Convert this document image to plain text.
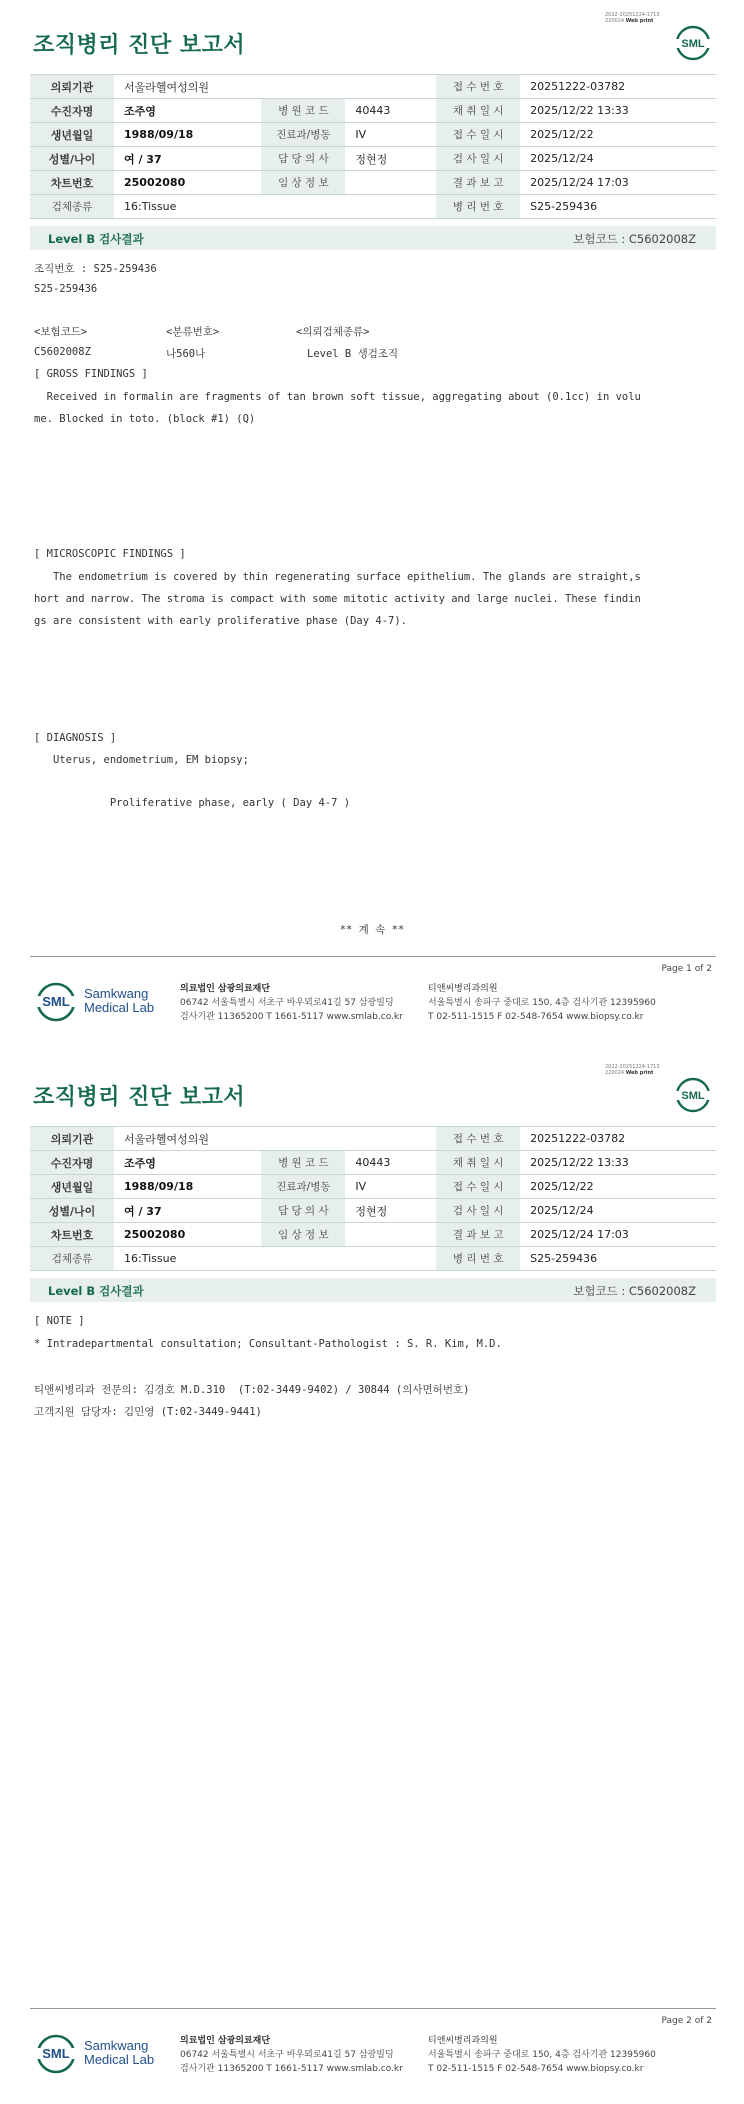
2022-20251224-1713
220024 Web print
조직병리 진단 보고서	SML
의뢰기관	서울라헬여성의원			접 수 번 호	20251222-03782
수진자명	조주영	병 원 코 드	40443	채 취 일 시	2025/12/22 13:33
생년월일	1988/09/18	진료과/병동	IV	접 수 일 시	2025/12/22
성별/나이	여 / 37	담 당 의 사	정현정	검 사 일 시	2025/12/24
차트번호	25002080	임 상 정 보		결 과 보 고	2025/12/24 17:03
검체종류	16:Tissue			병 리 번 호	S25-259436
Level B 검사결과	보험코드 : C5602008Z
조직번호 : S25-259436
S25-259436
<보험코드>	<분류번호>	<의뢰검체종류>
C5602008Z	나560나	Level B 생검조직
[ GROSS FINDINGS ]
Received in formalin are fragments of tan brown soft tissue, aggregating about (0.1cc) in volu
me. Blocked in toto. (block #1) (Q)
[ MICROSCOPIC FINDINGS ]
The endometrium is covered by thin regenerating surface epithelium. The glands are straight,s
hort and narrow. The stroma is compact with some mitotic activity and large nuclei. These findin
gs are consistent with early proliferative phase (Day 4-7).
[ DIAGNOSIS ]
Uterus, endometrium, EM biopsy;
Proliferative phase, early ( Day 4-7 )
** 계 속 **
Page 1 of 2
SML
Samkwang
Medical Lab
의료법인 삼광의료재단
06742 서울특별시 서초구 바우뫼로41길 57 삼광빌딩
검사기관 11365200 T 1661-5117 www.smlab.co.kr
티앤씨병리과의원
서울특별시 송파구 중대로 150, 4층 검사기관 12395960
T 02-511-1515 F 02-548-7654 www.biopsy.co.kr
2022-20251224-1713
220024 Web print
조직병리 진단 보고서	SML
의뢰기관	서울라헬여성의원			접 수 번 호	20251222-03782
수진자명	조주영	병 원 코 드	40443	채 취 일 시	2025/12/22 13:33
생년월일	1988/09/18	진료과/병동	IV	접 수 일 시	2025/12/22
성별/나이	여 / 37	담 당 의 사	정현정	검 사 일 시	2025/12/24
차트번호	25002080	임 상 정 보		결 과 보 고	2025/12/24 17:03
검체종류	16:Tissue			병 리 번 호	S25-259436
Level B 검사결과	보험코드 : C5602008Z
[ NOTE ]
* Intradepartmental consultation; Consultant-Pathologist : S. R. Kim, M.D.
티앤씨병리과 전문의: 김경호 M.D.310  (T:02-3449-9402) / 30844 (의사면허번호)
고객지원 담당자: 김민영 (T:02-3449-9441)
Page 2 of 2
SML
Samkwang
Medical Lab
의료법인 삼광의료재단
06742 서울특별시 서초구 바우뫼로41길 57 삼광빌딩
검사기관 11365200 T 1661-5117 www.smlab.co.kr
티앤씨병리과의원
서울특별시 송파구 중대로 150, 4층 검사기관 12395960
T 02-511-1515 F 02-548-7654 www.biopsy.co.kr
